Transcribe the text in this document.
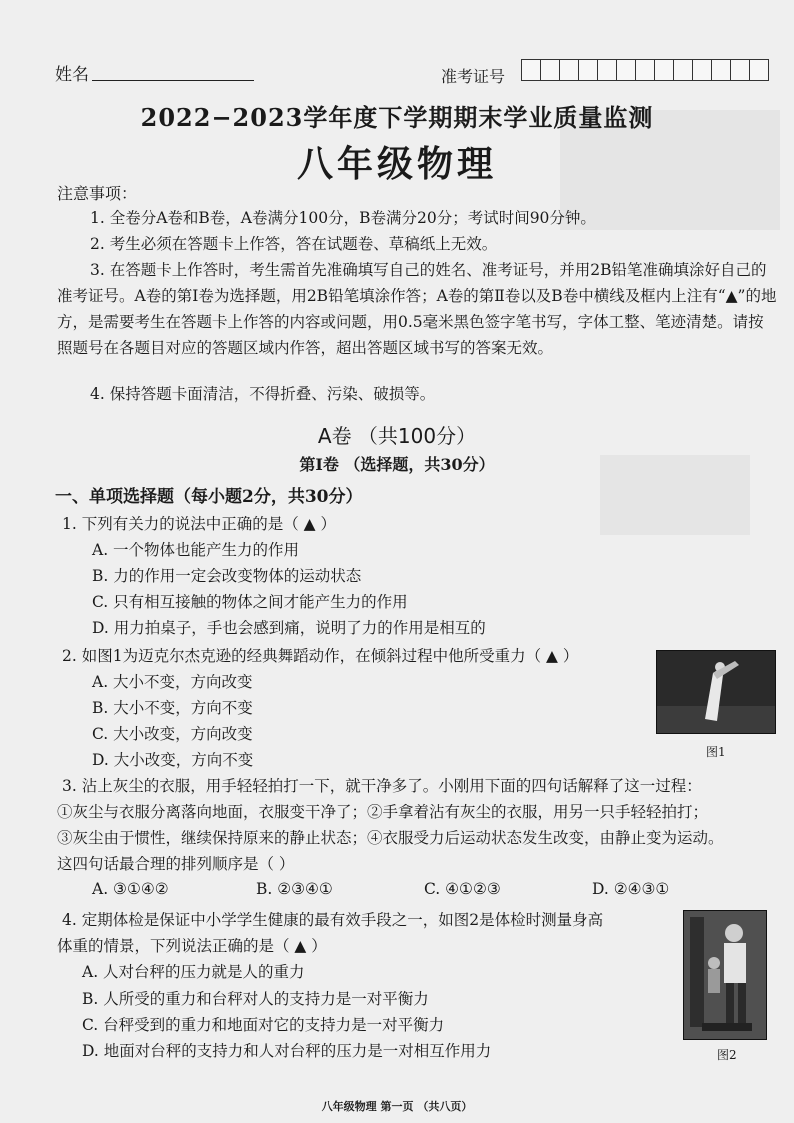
姓名	准考证号
2022−2023学年度下学期期末学业质量监测
八年级物理
注意事项：
1. 全卷分A卷和B卷，A卷满分100分，B卷满分20分；考试时间90分钟。
2. 考生必须在答题卡上作答，答在试题卷、草稿纸上无效。
3. 在答题卡上作答时，考生需首先准确填写自己的姓名、准考证号，并用2B铅笔准确填涂好自己的准考证号。A卷的第Ⅰ卷为选择题，用2B铅笔填涂作答；A卷的第Ⅱ卷以及B卷中横线及框内上注有“▲”的地方，是需要考生在答题卡上作答的内容或问题，用0.5毫米黑色签字笔书写，字体工整、笔迹清楚。请按照题号在各题目对应的答题区域内作答，超出答题区域书写的答案无效。
4. 保持答题卡面清洁，不得折叠、污染、破损等。
A卷 （共100分）
第Ⅰ卷 （选择题，共30分）
一、单项选择题（每小题2分，共30分）
1. 下列有关力的说法中正确的是（ ▲ ）
A. 一个物体也能产生力的作用
B. 力的作用一定会改变物体的运动状态
C. 只有相互接触的物体之间才能产生力的作用
D. 用力拍桌子，手也会感到痛，说明了力的作用是相互的
2. 如图1为迈克尔杰克逊的经典舞蹈动作，在倾斜过程中他所受重力（ ▲ ）
A. 大小不变，方向改变
B. 大小不变，方向不变
C. 大小改变，方向改变
D. 大小改变，方向不变	图1
3. 沾上灰尘的衣服，用手轻轻拍打一下，就干净多了。小刚用下面的四句话解释了这一过程：
①灰尘与衣服分离落向地面，衣服变干净了；②手拿着沾有灰尘的衣服，用另一只手轻轻拍打；
③灰尘由于惯性，继续保持原来的静止状态；④衣服受力后运动状态发生改变，由静止变为运动。
这四句话最合理的排列顺序是（ ）
A. ③①④②	B. ②③④①	C. ④①②③	D. ②④③①
4. 定期体检是保证中小学学生健康的最有效手段之一，如图2是体检时测量身高
体重的情景，下列说法正确的是（ ▲ ）
A. 人对台秤的压力就是人的重力
B. 人所受的重力和台秤对人的支持力是一对平衡力
C. 台秤受到的重力和地面对它的支持力是一对平衡力
D. 地面对台秤的支持力和人对台秤的压力是一对相互作用力	图2
八年级物理 第一页 （共八页）
